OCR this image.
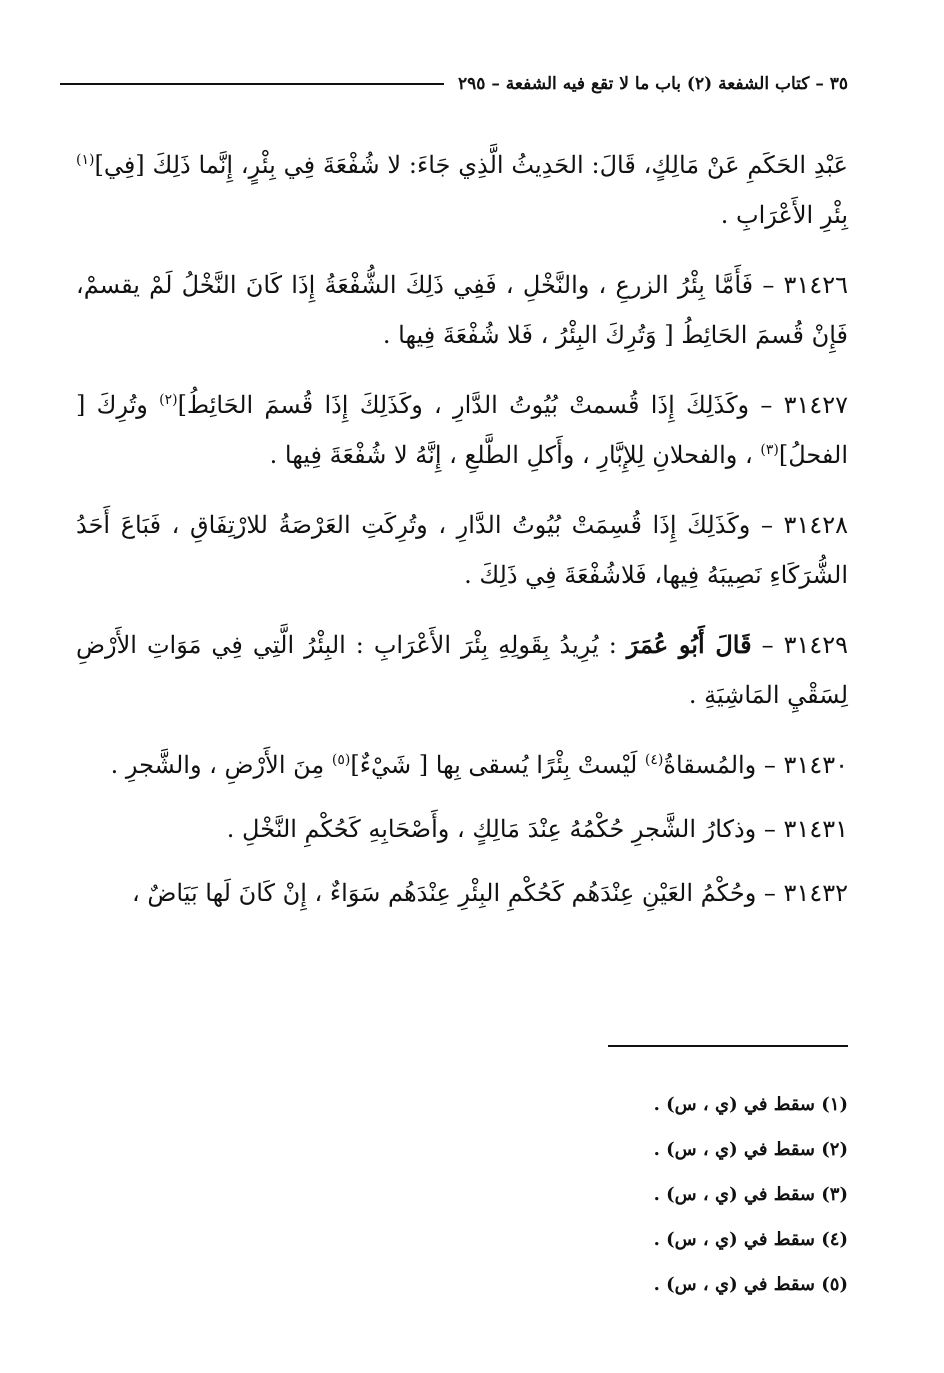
٣٥ – كتاب الشفعة (٢) باب ما لا تقع فيه الشفعة – ٢٩٥

عَبْدِ الحَكَمِ عَنْ مَالِكٍ، قَالَ: الحَدِيثُ الَّذِي جَاءَ: لا شُفْعَةَ فِي بِئْرٍ، إِنَّما ذَلِكَ [فِي]$^{(١)}$ بِئْرِ الأَعْرَابِ .

٣١٤٢٦ – فَأَمَّا بِئْرُ الزرعِ ، والنَّخْلِ ، فَفِي ذَلِكَ الشُّفْعَةُ إِذَا كَانَ النَّخْلُ لَمْ يقسمْ، فَإِنْ قُسمَ الحَائِطُ [ وَتُرِكَ البِئْرُ ، فَلا شُفْعَةَ فِيها .

٣١٤٢٧ – وكَذَلِكَ إِذَا قُسمتْ بُيُوتُ الدَّارِ ، وكَذَلِكَ إِذَا قُسمَ الحَائِطُ]$^{(٢)}$ وتُرِكَ [ الفحلُ]$^{(٣)}$ ، والفحلانِ لِلإِبَّارِ ، وأَكلِ الطَّلعِ ، إِنَّهُ لا شُفْعَةَ فِيها .

٣١٤٢٨ – وكَذَلِكَ إِذَا قُسِمَتْ بُيُوتُ الدَّارِ ، وتُرِكَتِ العَرْصَةُ للارْتِفَاقِ ، فَبَاعَ أَحَدُ الشُّرَكَاءِ نَصِيبَهُ فِيها، فَلاشُفْعَةَ فِي ذَلِكَ .

٣١٤٢٩ – قَالَ أَبُو عُمَرَ : يُرِيدُ بِقَولِهِ بِئْرَ الأَعْرَابِ : البِئْرُ الَّتِي فِي مَوَاتِ الأَرْضِ لِسَقْيِ المَاشِيَةِ .

٣١٤٣٠ – والمُسقاةُ$^{(٤)}$ لَيْستْ بِئْرًا يُسقى بِها [ شَيْءٌ]$^{(٥)}$ مِنَ الأَرْضِ ، والشَّجرِ .

٣١٤٣١ – وذكارُ الشَّجرِ حُكْمُهُ عِنْدَ مَالِكٍ ، وأَصْحَابِهِ كَحُكْمِ النَّخْلِ .

٣١٤٣٢ – وحُكْمُ العَيْنِ عِنْدَهُم كَحُكْمِ البِئْرِ عِنْدَهُم سَوَاءٌ ، إِنْ كَانَ لَها بَيَاضٌ ،

(١) سقط في (ي ، س) .
(٢) سقط في (ي ، س) .
(٣) سقط في (ي ، س) .
(٤) سقط في (ي ، س) .
(٥) سقط في (ي ، س) .
